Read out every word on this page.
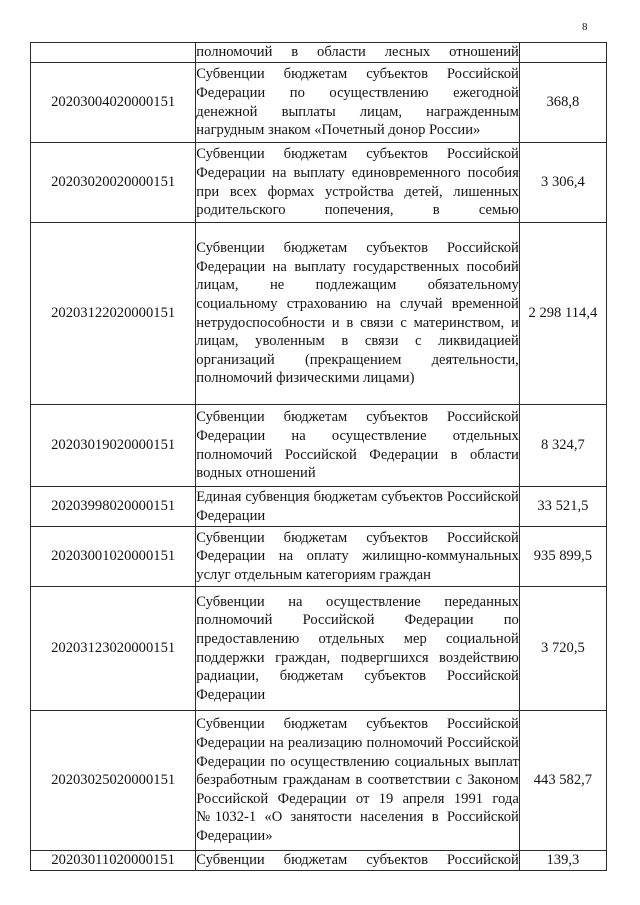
8
	полномочий в области лесных отношений	
20203004020000151	Субвенции бюджетам субъектов Российской Федерации по осуществлению ежегодной денежной выплаты лицам, награжденным нагрудным знаком «Почетный донор России»	368,8
20203020020000151	Субвенции бюджетам субъектов Российской Федерации на выплату единовременного пособия при всех формах устройства детей, лишенных родительского попечения, в семью	3 306,4
20203122020000151	Субвенции бюджетам субъектов Российской Федерации на выплату государственных пособий лицам, не подлежащим обязательному социальному страхованию на случай временной нетрудоспособности и в связи с материнством, и лицам, уволенным в связи с ликвидацией организаций (прекращением деятельности, полномочий физическими лицами)	2 298 114,4
20203019020000151	Субвенции бюджетам субъектов Российской Федерации на осуществление отдельных полномочий Российской Федерации в области водных отношений	8 324,7
20203998020000151	Единая субвенция бюджетам субъектов Российской Федерации	33 521,5
20203001020000151	Субвенции бюджетам субъектов Российской Федерации на оплату жилищно-коммунальных услуг отдельным категориям граждан	935 899,5
20203123020000151	Субвенции на осуществление переданных полномочий Российской Федерации по предоставлению отдельных мер социальной поддержки граждан, подвергшихся воздействию радиации, бюджетам субъектов Российской Федерации	3 720,5
20203025020000151	Субвенции бюджетам субъектов Российской Федерации на реализацию полномочий Российской Федерации по осуществлению социальных выплат безработным гражданам в соответствии с Законом Российской Федерации от 19 апреля 1991 года №1032-1 «О занятости населения в Российской Федерации»	443 582,7
20203011020000151	Субвенции бюджетам субъектов Российской	139,3
